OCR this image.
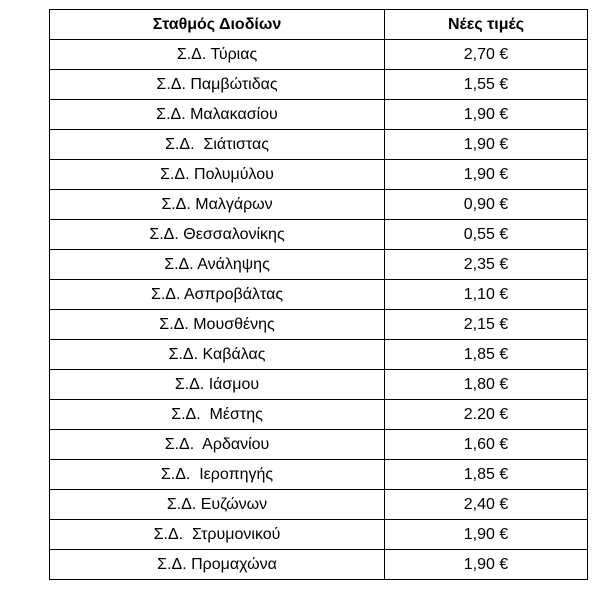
Σταθμός Διοδίων	Νέες τιμές
Σ.Δ. Τύριας	2,70 €
Σ.Δ. Παμβώτιδας	1,55 €
Σ.Δ. Μαλακασίου	1,90 €
Σ.Δ.  Σιάτιστας	1,90 €
Σ.Δ. Πολυμύλου	1,90 €
Σ.Δ. Μαλγάρων	0,90 €
Σ.Δ. Θεσσαλονίκης	0,55 €
Σ.Δ. Ανάληψης	2,35 €
Σ.Δ. Ασπροβάλτας	1,10 €
Σ.Δ. Μουσθένης	2,15 €
Σ.Δ. Καβάλας	1,85 €
Σ.Δ. Ιάσμου	1,80 €
Σ.Δ.  Μέστης	2.20 €
Σ.Δ.  Αρδανίου	1,60 €
Σ.Δ.  Ιεροπηγής	1,85 €
Σ.Δ. Ευζώνων	2,40 €
Σ.Δ.  Στρυμονικού	1,90 €
Σ.Δ. Προμαχώνα	1,90 €
